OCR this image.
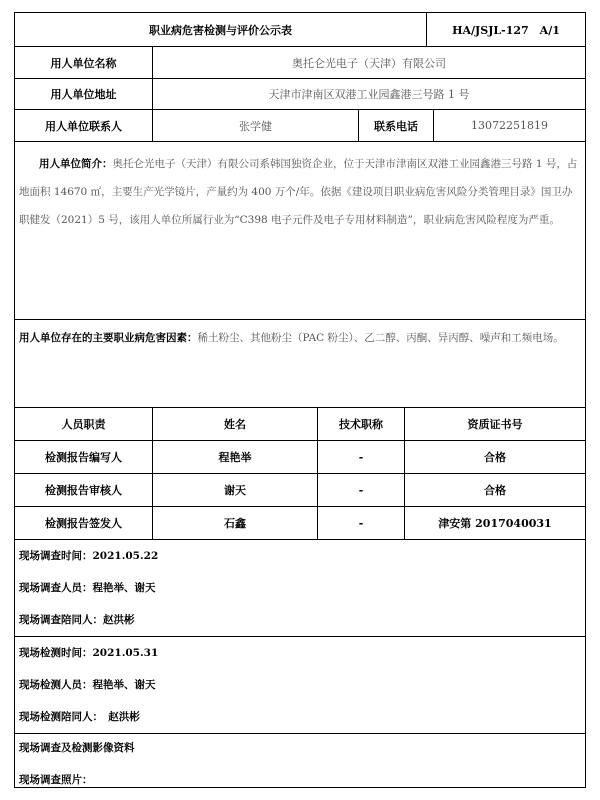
职业病危害检测与评价公示表	HA/JSJL-127　A/1
用人单位名称	奥托仑光电子（天津）有限公司
用人单位地址	天津市津南区双港工业园鑫港三号路 1 号
用人单位联系人	张学健	联系电话	13072251819
用人单位简介：奥托仑光电子（天津）有限公司系韩国独资企业，位于天津市津南区双港工业园鑫港三号路 1 号，占地面积 14670 ㎡，主要生产光学镜片，产量约为 400 万个/年。依据《建设项目职业病危害风险分类管理目录》国卫办职健发（2021）5 号，该用人单位所属行业为“C398 电子元件及电子专用材料制造”，职业病危害风险程度为严重。
用人单位存在的主要职业病危害因素：稀土粉尘、其他粉尘（PAC 粉尘）、乙二醇、丙酮、异丙醇、噪声和工频电场。
人员职责	姓名	技术职称	资质证书号
检测报告编写人	程艳举	-	合格
检测报告审核人	谢天	-	合格
检测报告签发人	石鑫	-	津安第 2017040031
现场调查时间：2021.05.22
现场调查人员：程艳举、谢天
现场调查陪同人：赵洪彬
现场检测时间：2021.05.31
现场检测人员：程艳举、谢天
现场检测陪同人：　赵洪彬
现场调查及检测影像资料
现场调查照片：
